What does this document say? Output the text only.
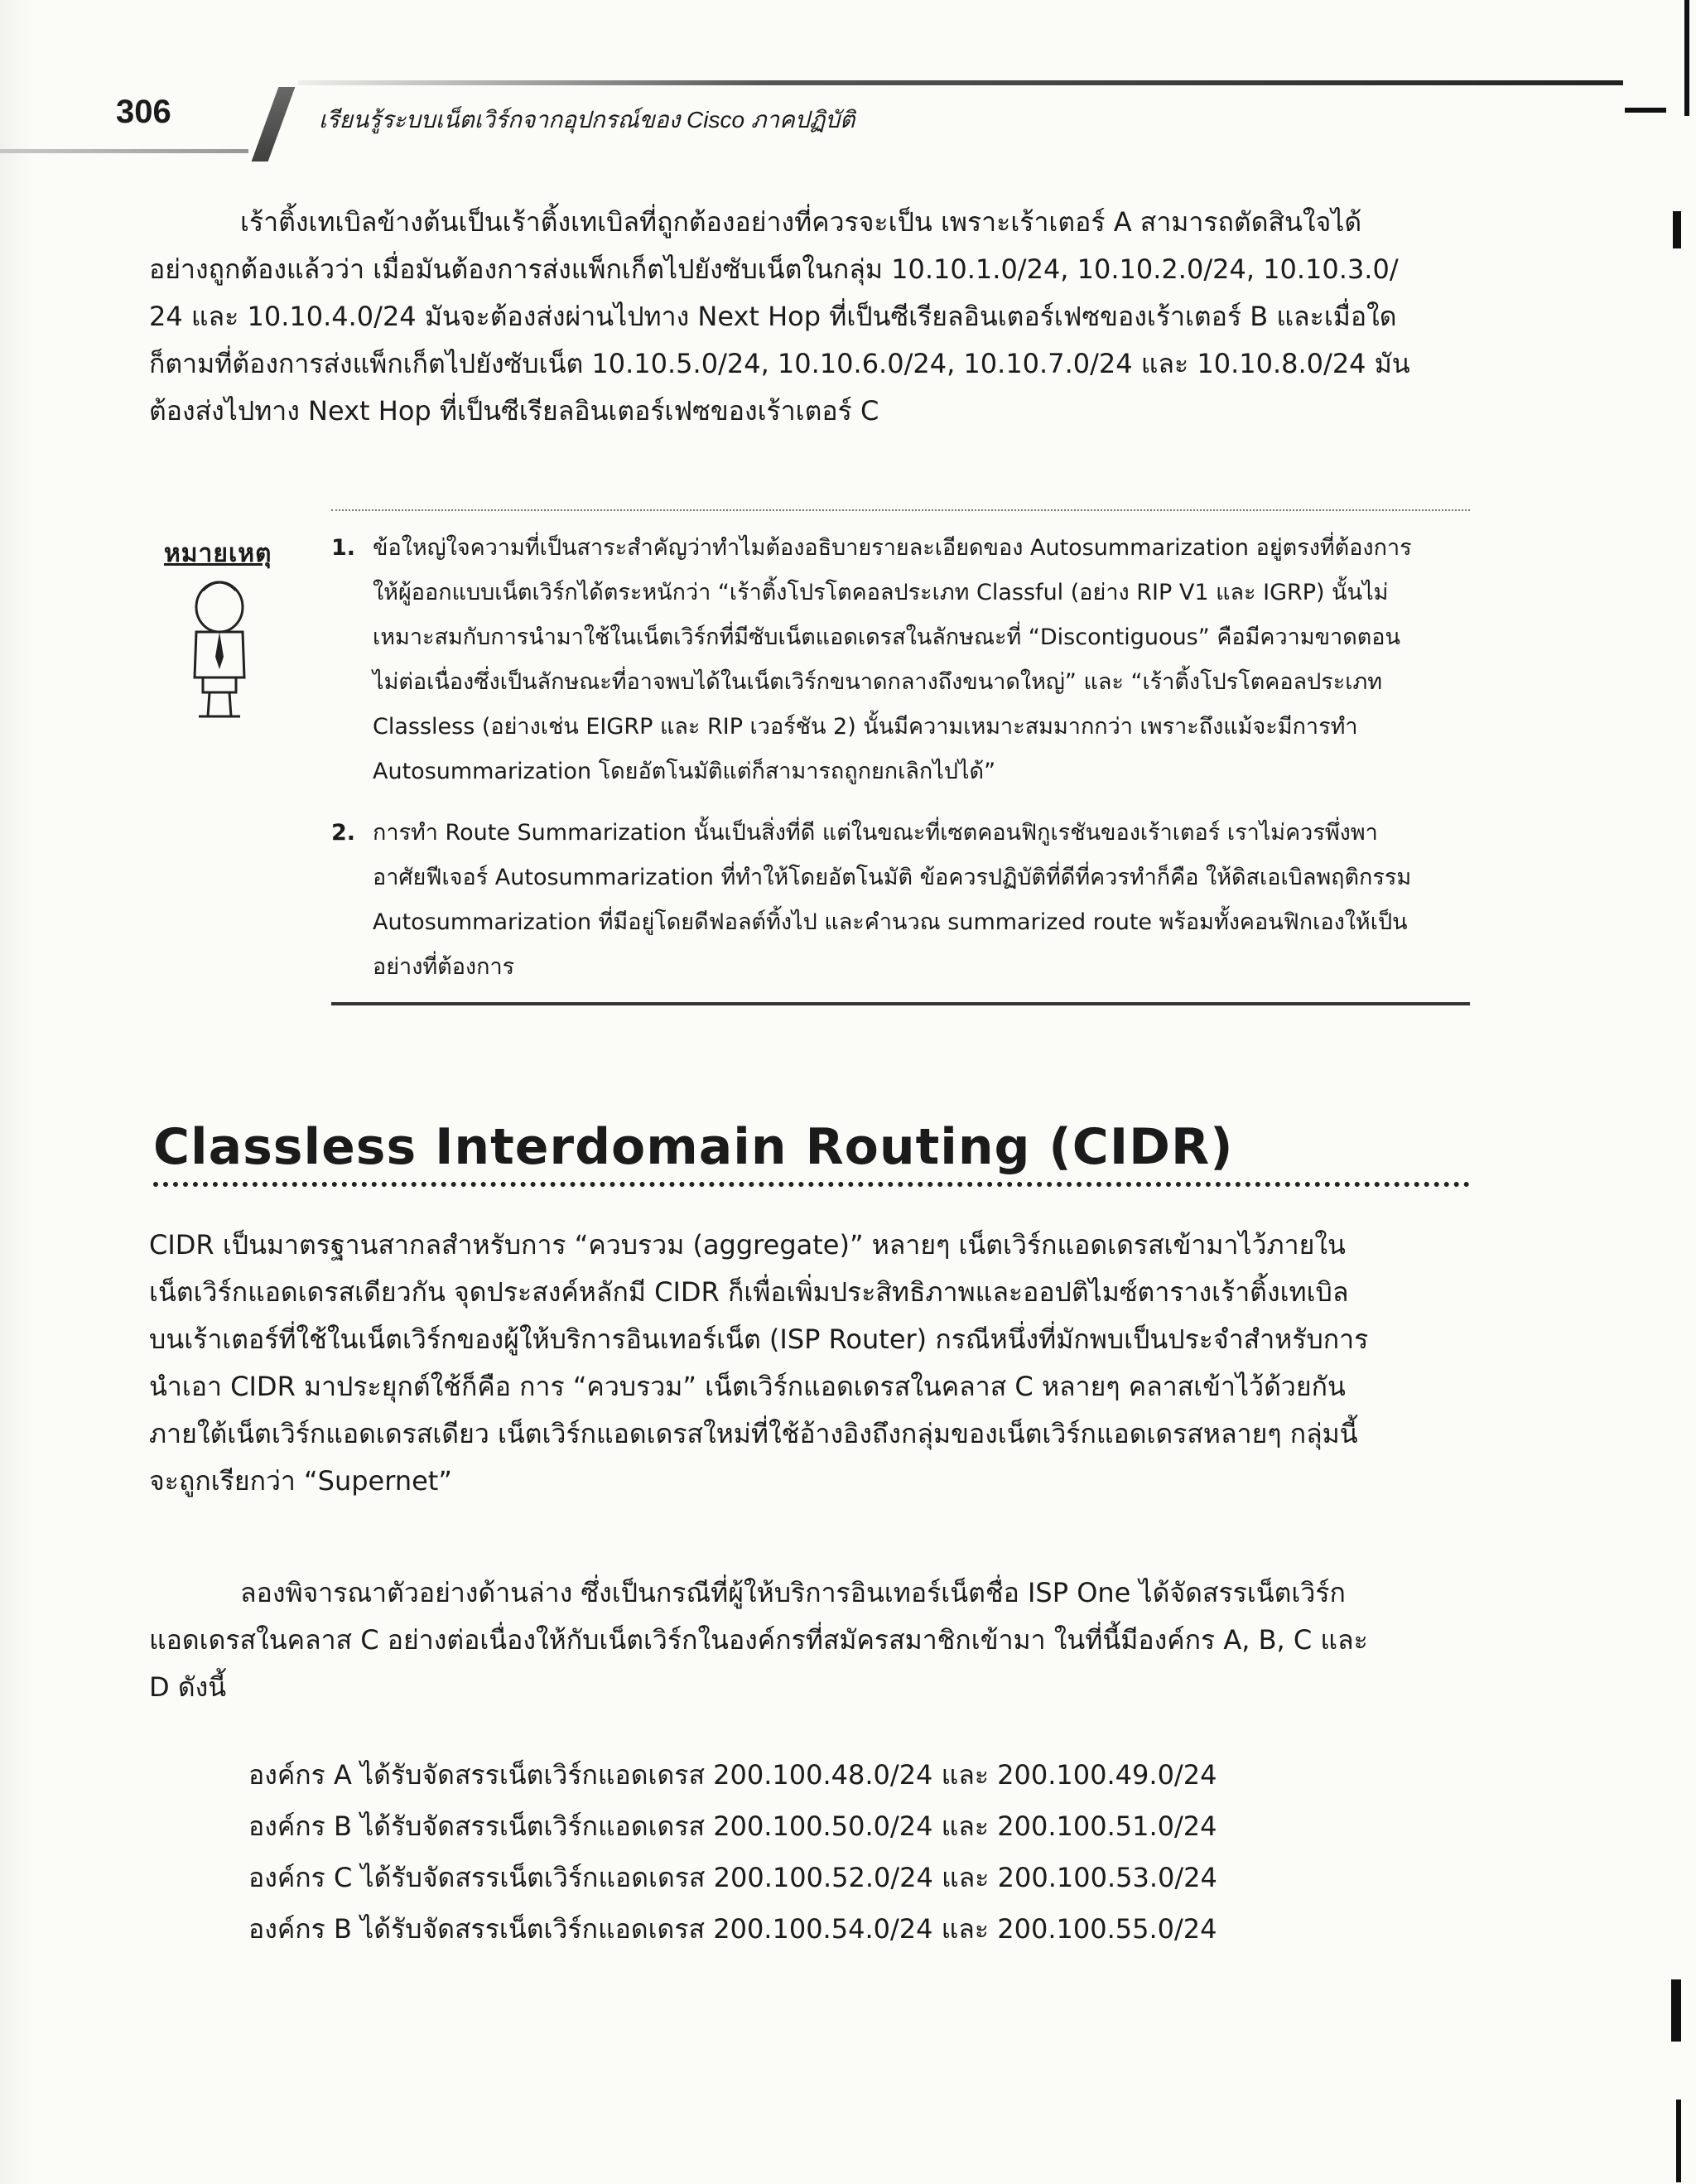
306	เรียนรู้ระบบเน็ตเวิร์กจากอุปกรณ์ของ Cisco ภาคปฏิบัติ
เร้าติ้งเทเบิลข้างต้นเป็นเร้าติ้งเทเบิลที่ถูกต้องอย่างที่ควรจะเป็น เพราะเร้าเตอร์ A สามารถตัดสินใจได้
อย่างถูกต้องแล้วว่า เมื่อมันต้องการส่งแพ็กเก็ตไปยังซับเน็ตในกลุ่ม 10.10.1.0/24, 10.10.2.0/24, 10.10.3.0/
24 และ 10.10.4.0/24 มันจะต้องส่งผ่านไปทาง Next Hop ที่เป็นซีเรียลอินเตอร์เฟซของเร้าเตอร์ B และเมื่อใด
ก็ตามที่ต้องการส่งแพ็กเก็ตไปยังซับเน็ต 10.10.5.0/24, 10.10.6.0/24, 10.10.7.0/24 และ 10.10.8.0/24 มัน
ต้องส่งไปทาง Next Hop ที่เป็นซีเรียลอินเตอร์เฟซของเร้าเตอร์ C
หมายเหตุ	1. ข้อใหญ่ใจความที่เป็นสาระสำคัญว่าทำไมต้องอธิบายรายละเอียดของ Autosummarization อยู่ตรงที่ต้องการ
ให้ผู้ออกแบบเน็ตเวิร์กได้ตระหนักว่า “เร้าติ้งโปรโตคอลประเภท Classful (อย่าง RIP V1 และ IGRP) นั้นไม่
เหมาะสมกับการนำมาใช้ในเน็ตเวิร์กที่มีซับเน็ตแอดเดรสในลักษณะที่ “Discontiguous” คือมีความขาดตอน
ไม่ต่อเนื่องซึ่งเป็นลักษณะที่อาจพบได้ในเน็ตเวิร์กขนาดกลางถึงขนาดใหญ่” และ “เร้าติ้งโปรโตคอลประเภท
Classless (อย่างเช่น EIGRP และ RIP เวอร์ชัน 2) นั้นมีความเหมาะสมมากกว่า เพราะถึงแม้จะมีการทำ
Autosummarization โดยอัตโนมัติแต่ก็สามารถถูกยกเลิกไปได้”
2. การทำ Route Summarization นั้นเป็นสิ่งที่ดี แต่ในขณะที่เซตคอนฟิกูเรชันของเร้าเตอร์ เราไม่ควรพึ่งพา
อาศัยฟีเจอร์ Autosummarization ที่ทำให้โดยอัตโนมัติ ข้อควรปฏิบัติที่ดีที่ควรทำก็คือ ให้ดิสเอเบิลพฤติกรรม
Autosummarization ที่มีอยู่โดยดีฟอลต์ทิ้งไป และคำนวณ summarized route พร้อมทั้งคอนฟิกเองให้เป็น
อย่างที่ต้องการ
Classless Interdomain Routing (CIDR)
CIDR เป็นมาตรฐานสากลสำหรับการ “ควบรวม (aggregate)” หลายๆ เน็ตเวิร์กแอดเดรสเข้ามาไว้ภายใน
เน็ตเวิร์กแอดเดรสเดียวกัน จุดประสงค์หลักมี CIDR ก็เพื่อเพิ่มประสิทธิภาพและออปติไมซ์ตารางเร้าติ้งเทเบิล
บนเร้าเตอร์ที่ใช้ในเน็ตเวิร์กของผู้ให้บริการอินเทอร์เน็ต (ISP Router) กรณีหนึ่งที่มักพบเป็นประจำสำหรับการ
นำเอา CIDR มาประยุกต์ใช้ก็คือ การ “ควบรวม” เน็ตเวิร์กแอดเดรสในคลาส C หลายๆ คลาสเข้าไว้ด้วยกัน
ภายใต้เน็ตเวิร์กแอดเดรสเดียว เน็ตเวิร์กแอดเดรสใหม่ที่ใช้อ้างอิงถึงกลุ่มของเน็ตเวิร์กแอดเดรสหลายๆ กลุ่มนี้
จะถูกเรียกว่า “Supernet”
ลองพิจารณาตัวอย่างด้านล่าง ซึ่งเป็นกรณีที่ผู้ให้บริการอินเทอร์เน็ตชื่อ ISP One ได้จัดสรรเน็ตเวิร์ก
แอดเดรสในคลาส C อย่างต่อเนื่องให้กับเน็ตเวิร์กในองค์กรที่สมัครสมาชิกเข้ามา ในที่นี้มีองค์กร A, B, C และ
D ดังนี้
องค์กร A ได้รับจัดสรรเน็ตเวิร์กแอดเดรส 200.100.48.0/24 และ 200.100.49.0/24
องค์กร B ได้รับจัดสรรเน็ตเวิร์กแอดเดรส 200.100.50.0/24 และ 200.100.51.0/24
องค์กร C ได้รับจัดสรรเน็ตเวิร์กแอดเดรส 200.100.52.0/24 และ 200.100.53.0/24
องค์กร B ได้รับจัดสรรเน็ตเวิร์กแอดเดรส 200.100.54.0/24 และ 200.100.55.0/24
